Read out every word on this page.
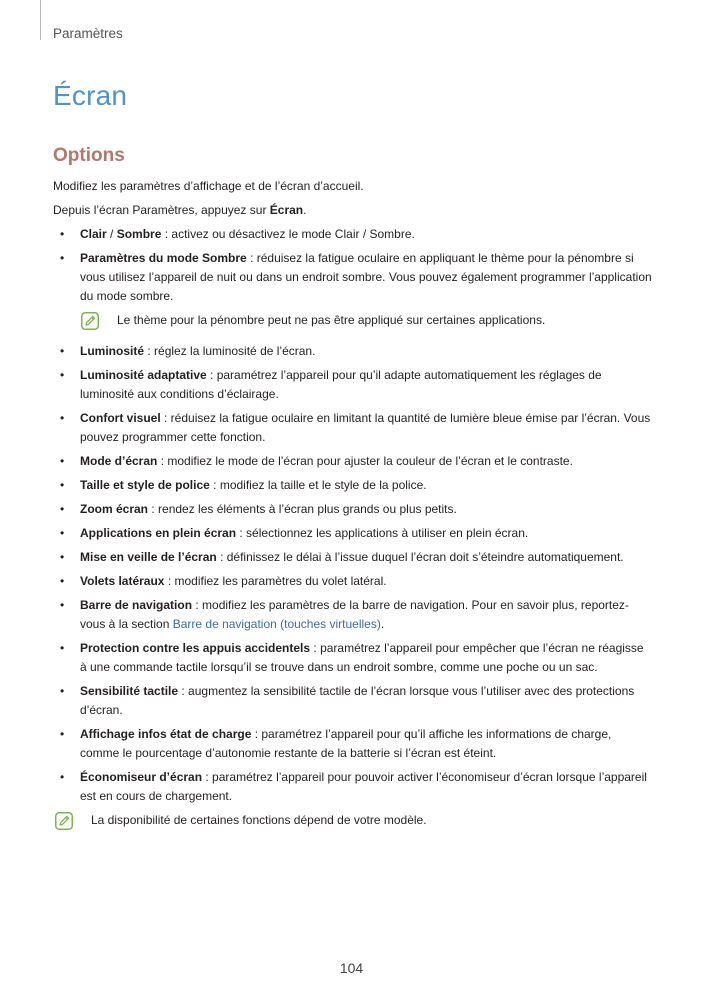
Paramètres
Écran
Options

Modifiez les paramètres d’affichage et de l’écran d’accueil.

Depuis l’écran Paramètres, appuyez sur Écran.

• Clair / Sombre : activez ou désactivez le mode Clair / Sombre.
• Paramètres du mode Sombre : réduisez la fatigue oculaire en appliquant le thème pour la pénombre si vous utilisez l’appareil de nuit ou dans un endroit sombre. Vous pouvez également programmer l’application du mode sombre.
Le thème pour la pénombre peut ne pas être appliqué sur certaines applications.
• Luminosité : réglez la luminosité de l’écran.
• Luminosité adaptative : paramétrez l’appareil pour qu’il adapte automatiquement les réglages de luminosité aux conditions d’éclairage.
• Confort visuel : réduisez la fatigue oculaire en limitant la quantité de lumière bleue émise par l’écran. Vous pouvez programmer cette fonction.
• Mode d’écran : modifiez le mode de l’écran pour ajuster la couleur de l’écran et le contraste.
• Taille et style de police : modifiez la taille et le style de la police.
• Zoom écran : rendez les éléments à l’écran plus grands ou plus petits.
• Applications en plein écran : sélectionnez les applications à utiliser en plein écran.
• Mise en veille de l’écran : définissez le délai à l’issue duquel l’écran doit s’éteindre automatiquement.
• Volets latéraux : modifiez les paramètres du volet latéral.
• Barre de navigation : modifiez les paramètres de la barre de navigation. Pour en savoir plus, reportez-vous à la section Barre de navigation (touches virtuelles).
• Protection contre les appuis accidentels : paramétrez l’appareil pour empêcher que l’écran ne réagisse à une commande tactile lorsqu’il se trouve dans un endroit sombre, comme une poche ou un sac.
• Sensibilité tactile : augmentez la sensibilité tactile de l’écran lorsque vous l’utiliser avec des protections d’écran.
• Affichage infos état de charge : paramétrez l’appareil pour qu’il affiche les informations de charge, comme le pourcentage d’autonomie restante de la batterie si l’écran est éteint.
• Économiseur d’écran : paramétrez l’appareil pour pouvoir activer l’économiseur d’écran lorsque l’appareil est en cours de chargement.
La disponibilité de certaines fonctions dépend de votre modèle.
104
